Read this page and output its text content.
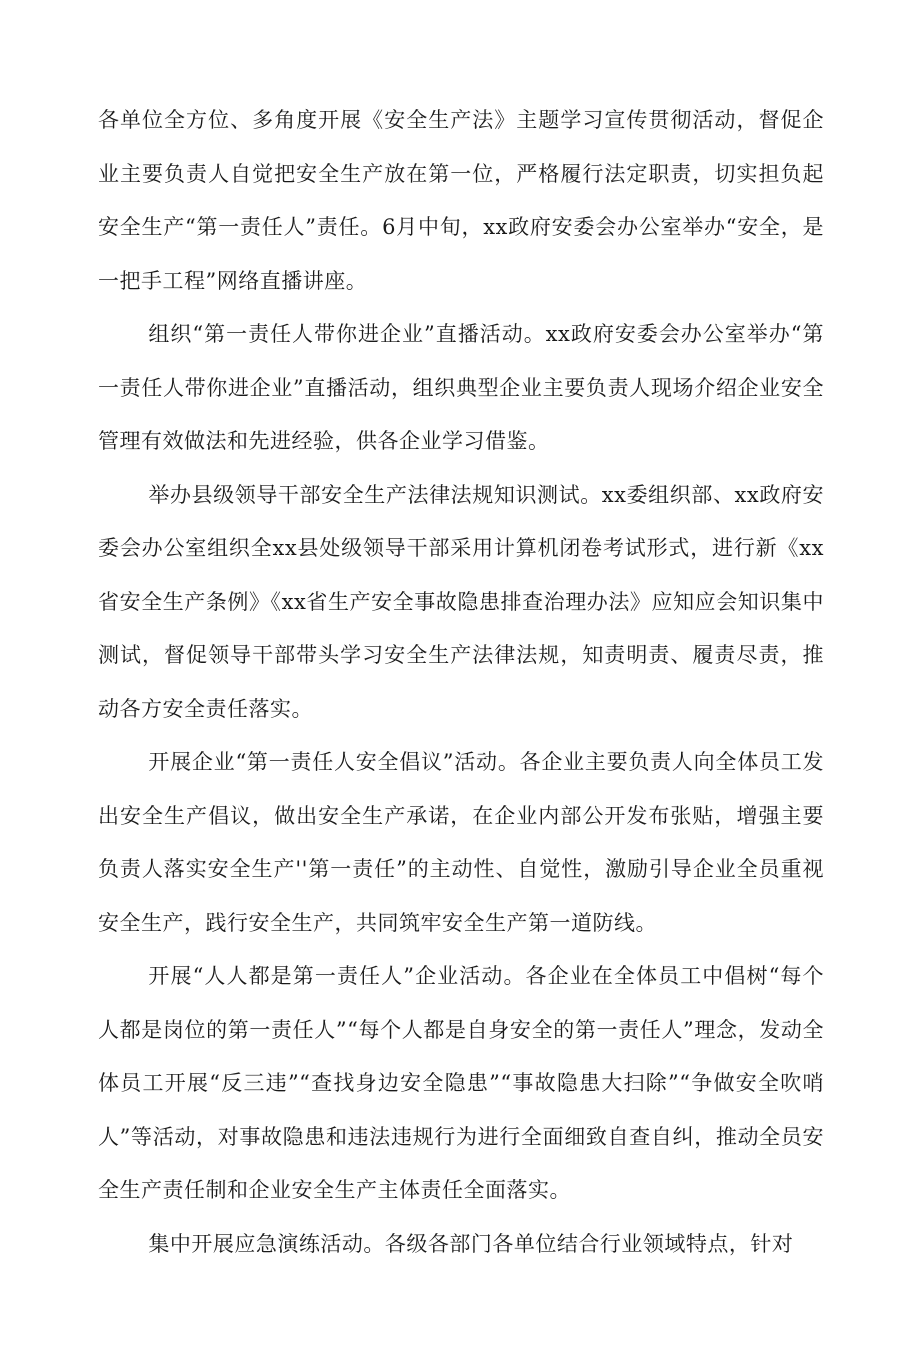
各单位全方位、多角度开展《安全生产法》主题学习宣传贯彻活动，督促企业主要负责人自觉把安全生产放在第一位，严格履行法定职责，切实担负起安全生产“第一责任人”责任。6月中旬，xx政府安委会办公室举办“安全，是一把手工程”网络直播讲座。

组织“第一责任人带你进企业”直播活动。xx政府安委会办公室举办“第一责任人带你进企业”直播活动，组织典型企业主要负责人现场介绍企业安全管理有效做法和先进经验，供各企业学习借鉴。

举办县级领导干部安全生产法律法规知识测试。xx委组织部、xx政府安委会办公室组织全xx县处级领导干部采用计算机闭卷考试形式，进行新《xx省安全生产条例》《xx省生产安全事故隐患排查治理办法》应知应会知识集中测试，督促领导干部带头学习安全生产法律法规，知责明责、履责尽责，推动各方安全责任落实。

开展企业“第一责任人安全倡议”活动。各企业主要负责人向全体员工发出安全生产倡议，做出安全生产承诺，在企业内部公开发布张贴，增强主要负责人落实安全生产''第一责任”的主动性、自觉性，激励引导企业全员重视安全生产，践行安全生产，共同筑牢安全生产第一道防线。

开展“人人都是第一责任人”企业活动。各企业在全体员工中倡树“每个人都是岗位的第一责任人”“每个人都是自身安全的第一责任人”理念，发动全体员工开展“反三违”“查找身边安全隐患”“事故隐患大扫除”“争做安全吹哨人”等活动，对事故隐患和违法违规行为进行全面细致自查自纠，推动全员安全生产责任制和企业安全生产主体责任全面落实。

集中开展应急演练活动。各级各部门各单位结合行业领域特点，针对
